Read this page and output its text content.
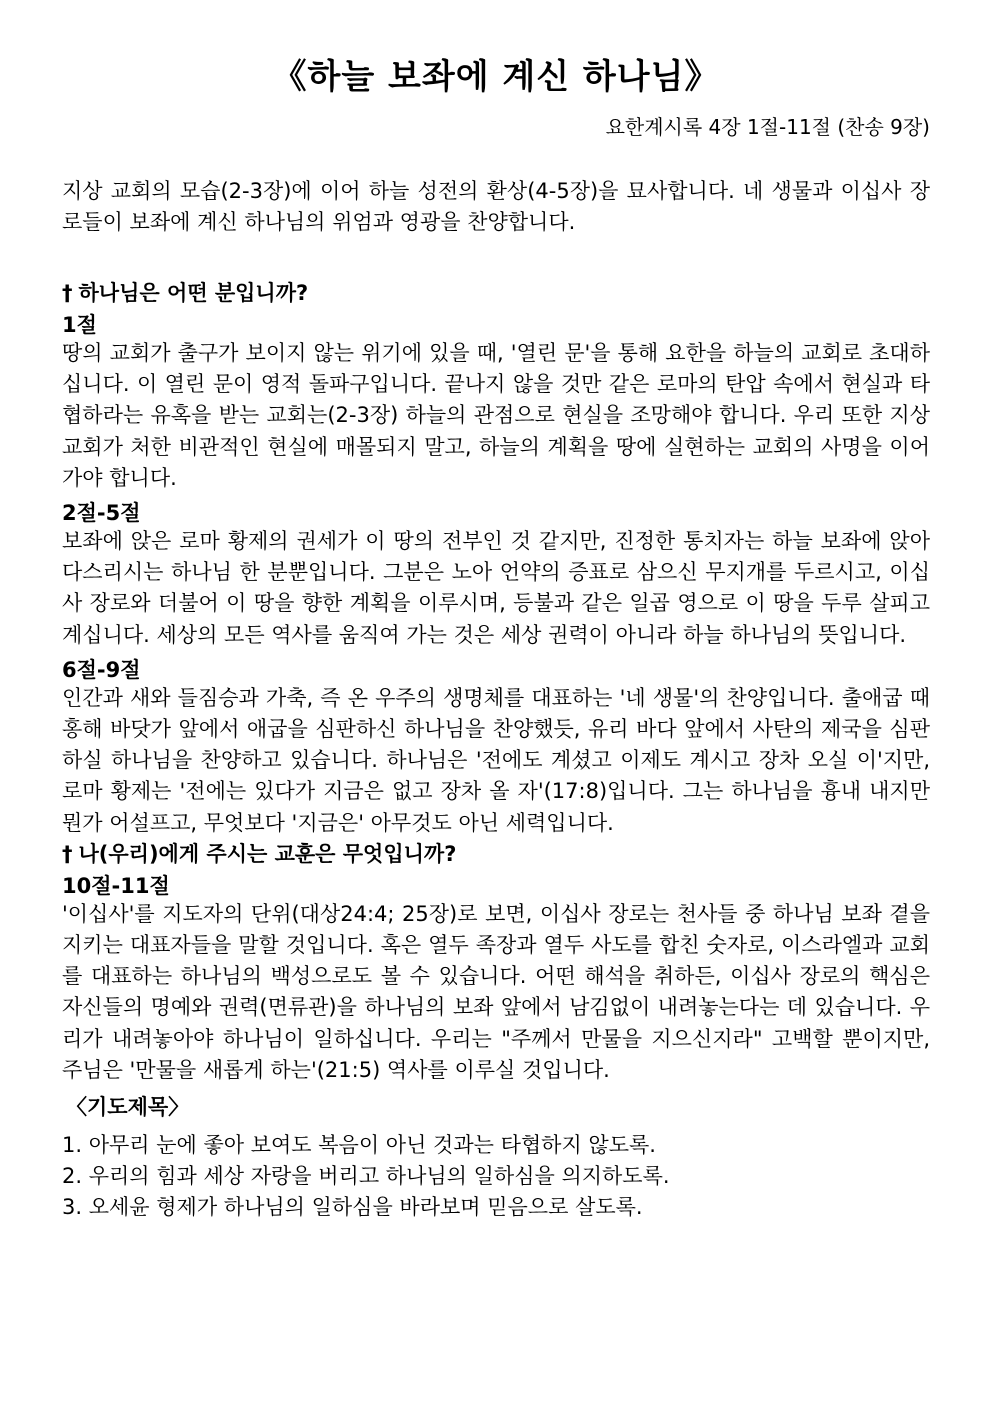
《하늘 보좌에 계신 하나님》

요한계시록 4장 1절-11절 (찬송 9장)

지상 교회의 모습(2-3장)에 이어 하늘 성전의 환상(4-5장)을 묘사합니다. 네 생물과 이십사 장로들이 보좌에 계신 하나님의 위엄과 영광을 찬양합니다.

† 하나님은 어떤 분입니까?
1절

땅의 교회가 출구가 보이지 않는 위기에 있을 때, '열린 문'을 통해 요한을 하늘의 교회로 초대하십니다. 이 열린 문이 영적 돌파구입니다. 끝나지 않을 것만 같은 로마의 탄압 속에서 현실과 타협하라는 유혹을 받는 교회는(2-3장) 하늘의 관점으로 현실을 조망해야 합니다. 우리 또한 지상 교회가 처한 비관적인 현실에 매몰되지 말고, 하늘의 계획을 땅에 실현하는 교회의 사명을 이어 가야 합니다.

2절-5절

보좌에 앉은 로마 황제의 권세가 이 땅의 전부인 것 같지만, 진정한 통치자는 하늘 보좌에 앉아 다스리시는 하나님 한 분뿐입니다. 그분은 노아 언약의 증표로 삼으신 무지개를 두르시고, 이십사 장로와 더불어 이 땅을 향한 계획을 이루시며, 등불과 같은 일곱 영으로 이 땅을 두루 살피고 계십니다. 세상의 모든 역사를 움직여 가는 것은 세상 권력이 아니라 하늘 하나님의 뜻입니다.

6절-9절

인간과 새와 들짐승과 가축, 즉 온 우주의 생명체를 대표하는 '네 생물'의 찬양입니다. 출애굽 때 홍해 바닷가 앞에서 애굽을 심판하신 하나님을 찬양했듯, 유리 바다 앞에서 사탄의 제국을 심판하실 하나님을 찬양하고 있습니다. 하나님은 '전에도 계셨고 이제도 계시고 장차 오실 이'지만, 로마 황제는 '전에는 있다가 지금은 없고 장차 올 자'(17:8)입니다. 그는 하나님을 흉내 내지만 뭔가 어설프고, 무엇보다 '지금은' 아무것도 아닌 세력입니다.

† 나(우리)에게 주시는 교훈은 무엇입니까?
10절-11절

'이십사'를 지도자의 단위(대상24:4; 25장)로 보면, 이십사 장로는 천사들 중 하나님 보좌 곁을 지키는 대표자들을 말할 것입니다. 혹은 열두 족장과 열두 사도를 합친 숫자로, 이스라엘과 교회를 대표하는 하나님의 백성으로도 볼 수 있습니다. 어떤 해석을 취하든, 이십사 장로의 핵심은 자신들의 명예와 권력(면류관)을 하나님의 보좌 앞에서 남김없이 내려놓는다는 데 있습니다. 우리가 내려놓아야 하나님이 일하십니다. 우리는 "주께서 만물을 지으신지라" 고백할 뿐이지만, 주님은 '만물을 새롭게 하는'(21:5) 역사를 이루실 것입니다.

〈기도제목〉
1. 아무리 눈에 좋아 보여도 복음이 아닌 것과는 타협하지 않도록.
2. 우리의 힘과 세상 자랑을 버리고 하나님의 일하심을 의지하도록.
3. 오세윤 형제가 하나님의 일하심을 바라보며 믿음으로 살도록.
